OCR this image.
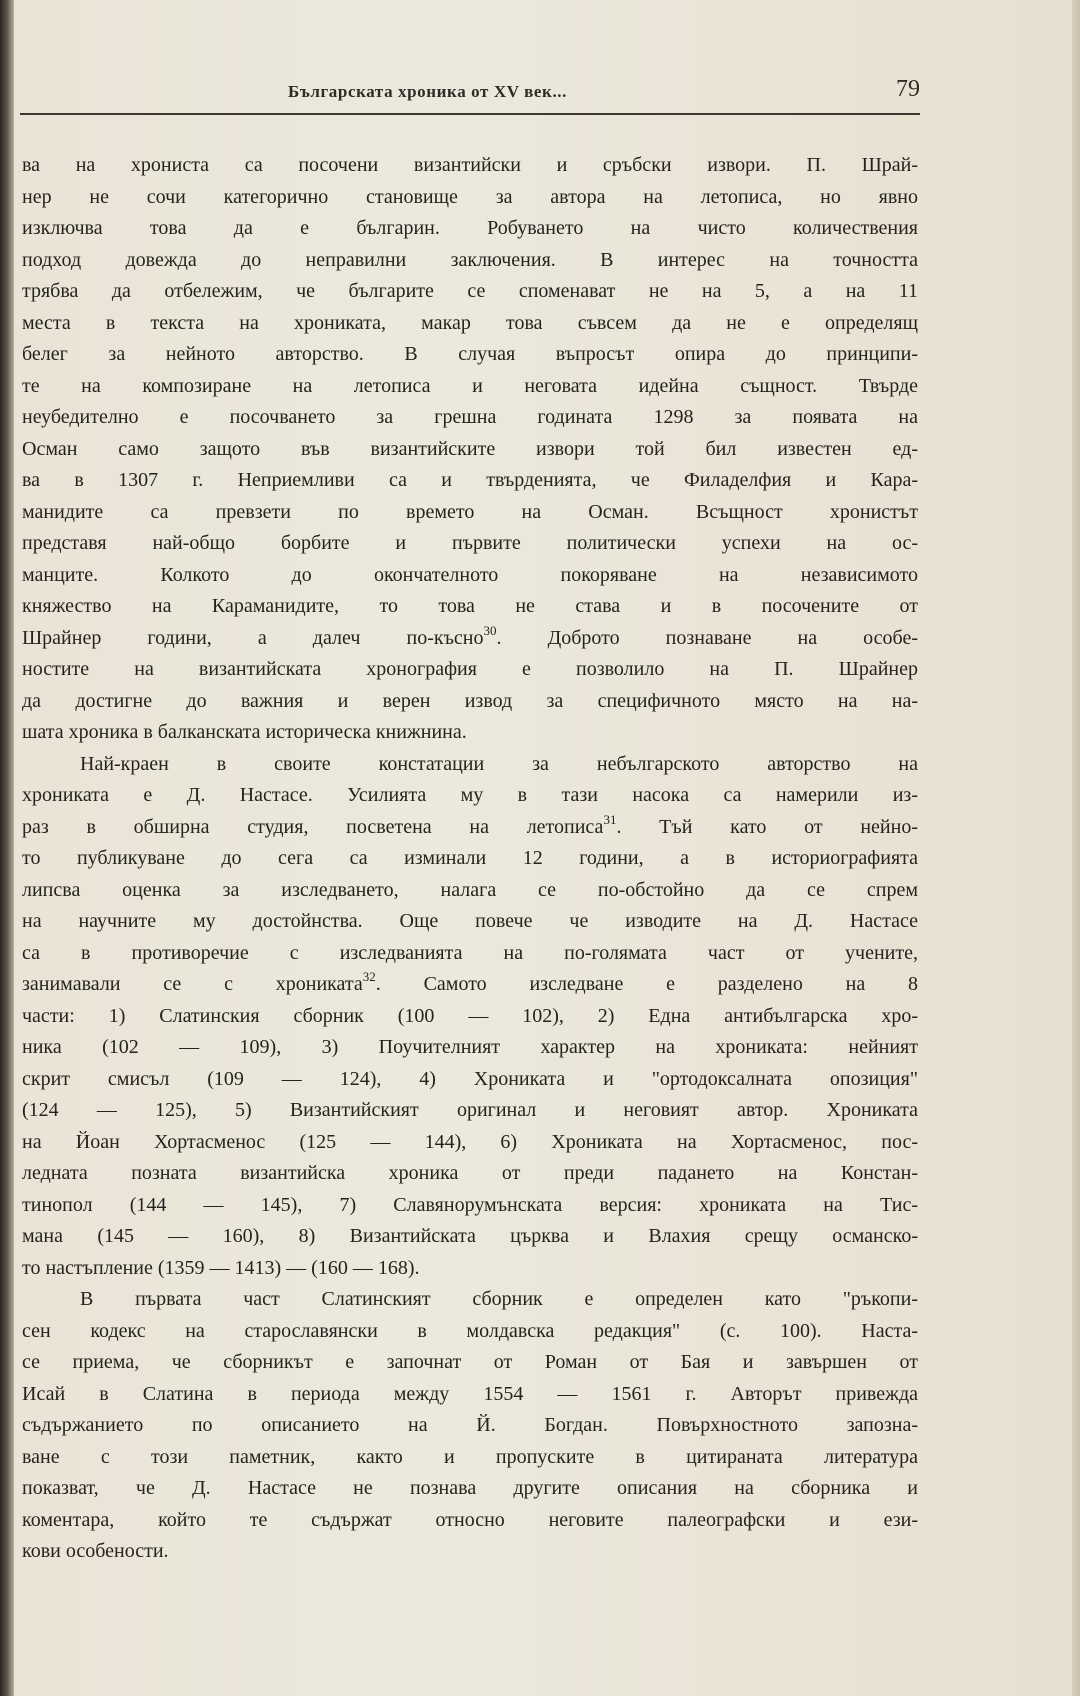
Българската хроника от XV век...	79
ва на хрониста са посочени византийски и сръбски извори. П. Шрай-
нер не сочи категорично становище за автора на летописа, но явно
изключва това да е българин. Робуването на чисто количествения
подход довежда до неправилни заключения. В интерес на точността
трябва да отбележим, че българите се споменават не на 5, а на 11
места в текста на хрониката, макар това съвсем да не е определящ
белег за нейното авторство. В случая въпросът опира до принципи-
те на композиране на летописа и неговата идейна същност. Твърде
неубедително е посочването за грешна годината 1298 за появата на
Осман само защото във византийските извори той бил известен ед-
ва в 1307 г. Неприемливи са и твърденията, че Филаделфия и Кара-
манидите са превзети по времето на Осман. Всъщност хронистът
представя най-общо борбите и първите политически успехи на ос-
манците. Колкото до окончателното покоряване на независимото
княжество на Караманидите, то това не става и в посочените от
Шрайнер години, а далеч по-късно$^{30}$. Доброто познаване на особе-
ностите на византийската хронография е позволило на П. Шрайнер
да достигне до важния и верен извод за специфичното място на на-
шата хроника в балканската историческа книжнина.
Най-краен в своите констатации за небългарското авторство на
хрониката е Д. Настасе. Усилията му в тази насока са намерили из-
раз в обширна студия, посветена на летописа$^{31}$. Тъй като от нейно-
то публикуване до сега са изминали 12 години, а в историографията
липсва оценка за изследването, налага се по-обстойно да се спрем
на научните му достойнства. Още повече че изводите на Д. Настасе
са в противоречие с изследванията на по-голямата част от учените,
занимавали се с хрониката$^{32}$. Самото изследване е разделено на 8
части: 1) Слатинския сборник (100 — 102), 2) Една антибългарска хро-
ника (102 — 109), 3) Поучителният характер на хрониката: нейният
скрит смисъл (109 — 124), 4) Хрониката и "ортодоксалната опозиция"
(124 — 125), 5) Византийският оригинал и неговият автор. Хрониката
на Йоан Хортасменос (125 — 144), 6) Хрониката на Хортасменос, пос-
ледната позната византийска хроника от преди падането на Констан-
тинопол (144 — 145), 7) Славянорумънската версия: хрониката на Тис-
мана (145 — 160), 8) Византийската църква и Влахия срещу османско-
то настъпление (1359 — 1413) — (160 — 168).
В първата част Слатинският сборник е определен като "ръкопи-
сен кодекс на старославянски в молдавска редакция" (с. 100). Наста-
се приема, че сборникът е започнат от Роман от Бая и завършен от
Исай в Слатина в периода между 1554 — 1561 г. Авторът привежда
съдържанието по описанието на Й. Богдан. Повърхностното запозна-
ване с този паметник, както и пропуските в цитираната литература
показват, че Д. Настасе не познава другите описания на сборника и
коментара, който те съдържат относно неговите палеографски и ези-
кови особености.
